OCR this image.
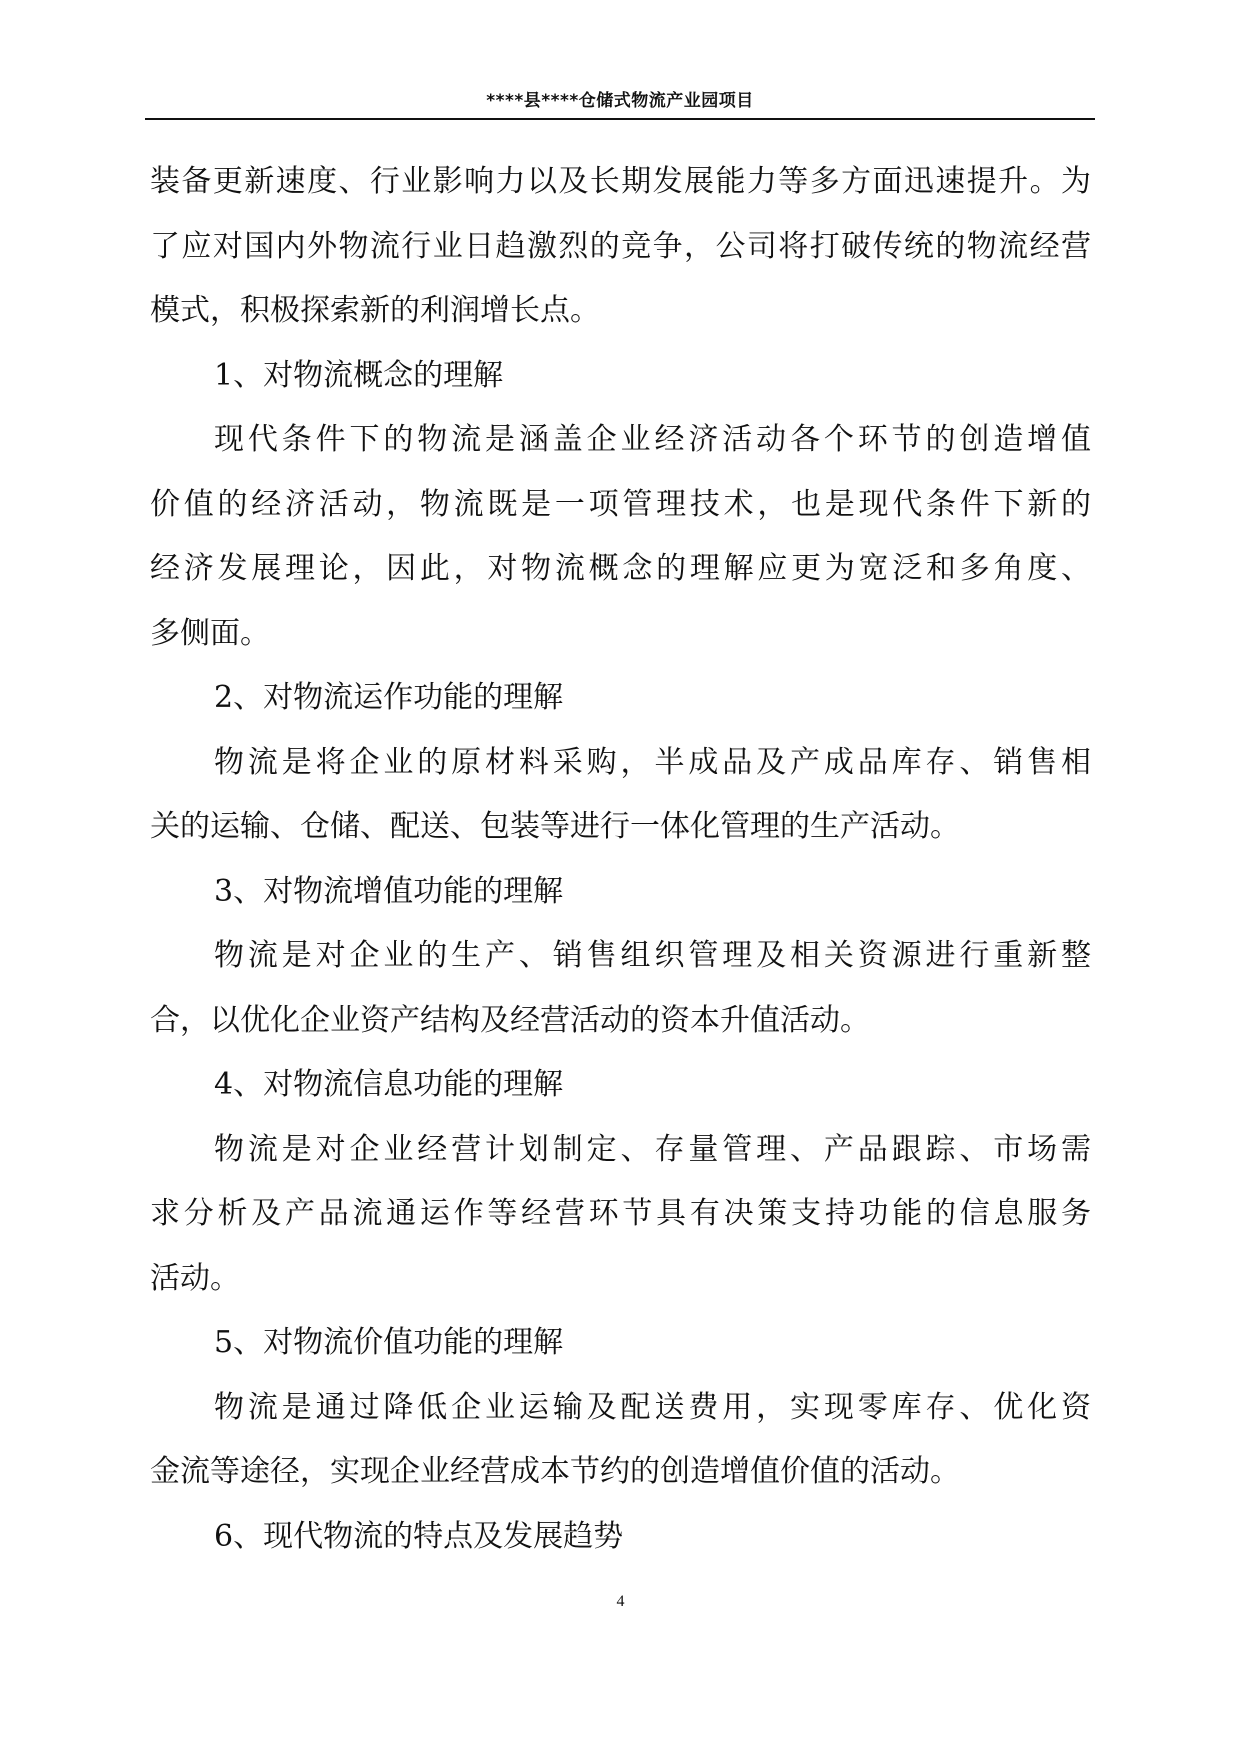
****县****仓储式物流产业园项目
装备更新速度、行业影响力以及长期发展能力等多方面迅速提升。为
了应对国内外物流行业日趋激烈的竞争，公司将打破传统的物流经营
模式，积极探索新的利润增长点。
1、对物流概念的理解
现代条件下的物流是涵盖企业经济活动各个环节的创造增值
价值的经济活动，物流既是一项管理技术，也是现代条件下新的
经济发展理论，因此，对物流概念的理解应更为宽泛和多角度、
多侧面。
2、对物流运作功能的理解
物流是将企业的原材料采购，半成品及产成品库存、销售相
关的运输、仓储、配送、包装等进行一体化管理的生产活动。
3、对物流增值功能的理解
物流是对企业的生产、销售组织管理及相关资源进行重新整
合，以优化企业资产结构及经营活动的资本升值活动。
4、对物流信息功能的理解
物流是对企业经营计划制定、存量管理、产品跟踪、市场需
求分析及产品流通运作等经营环节具有决策支持功能的信息服务
活动。
5、对物流价值功能的理解
物流是通过降低企业运输及配送费用，实现零库存、优化资
金流等途径，实现企业经营成本节约的创造增值价值的活动。
6、现代物流的特点及发展趋势
4
